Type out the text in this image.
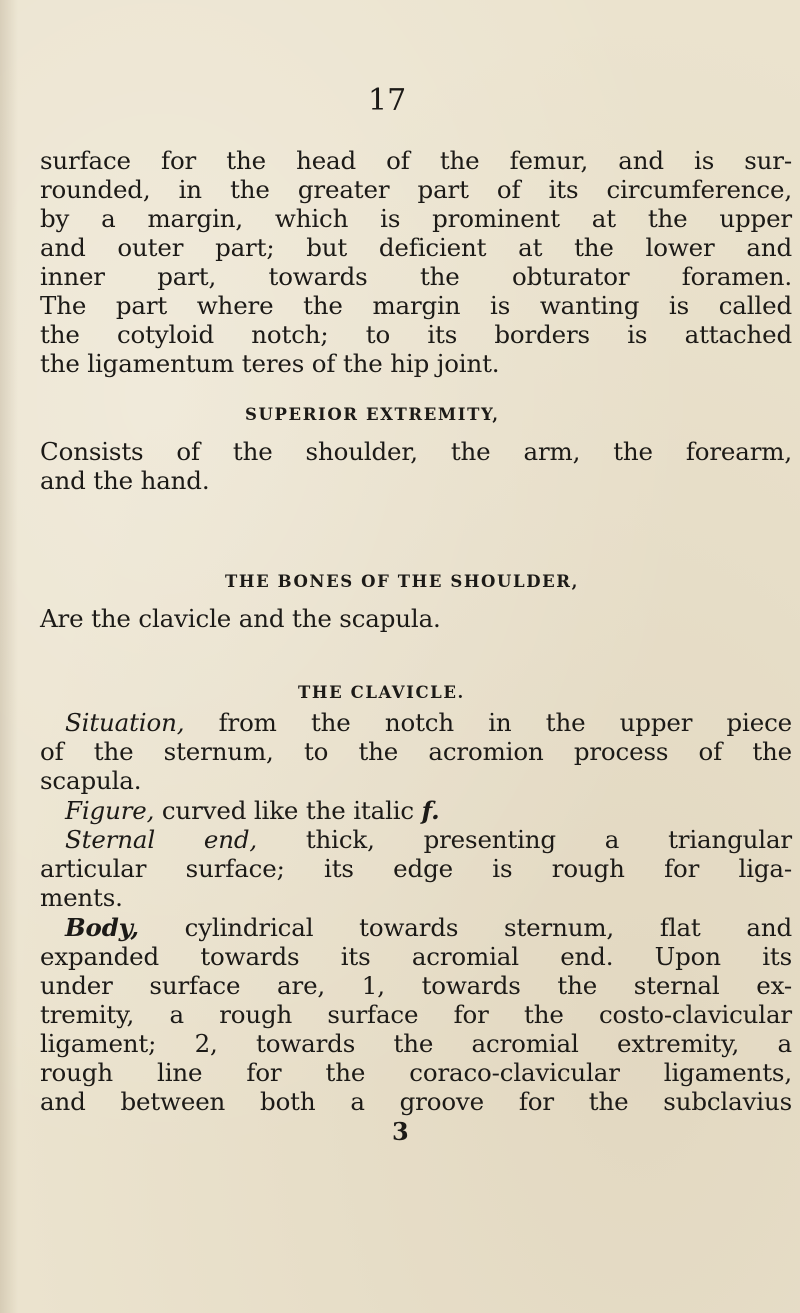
17
surface for the head of the femur, and is sur-
rounded, in the greater part of its circumference,
by a margin, which is prominent at the upper
and outer part; but deficient at the lower and
inner part, towards the obturator foramen.
The part where the margin is wanting is called
the cotyloid notch; to its borders is attached
the ligamentum teres of the hip joint.
SUPERIOR EXTREMITY,
Consists of the shoulder, the arm, the forearm,
and the hand.
THE BONES OF THE SHOULDER,
Are the clavicle and the scapula.
THE CLAVICLE.
Situation, from the notch in the upper piece
of the sternum, to the acromion process of the
scapula.
Figure, curved like the italic f.
Sternal end, thick, presenting a triangular
articular surface; its edge is rough for liga-
ments.
Body, cylindrical towards sternum, flat and
expanded towards its acromial end. Upon its
under surface are, 1, towards the sternal ex-
tremity, a rough surface for the costo-clavicular
ligament; 2, towards the acromial extremity, a
rough line for the coraco-clavicular ligaments,
and between both a groove for the subclavius
3
